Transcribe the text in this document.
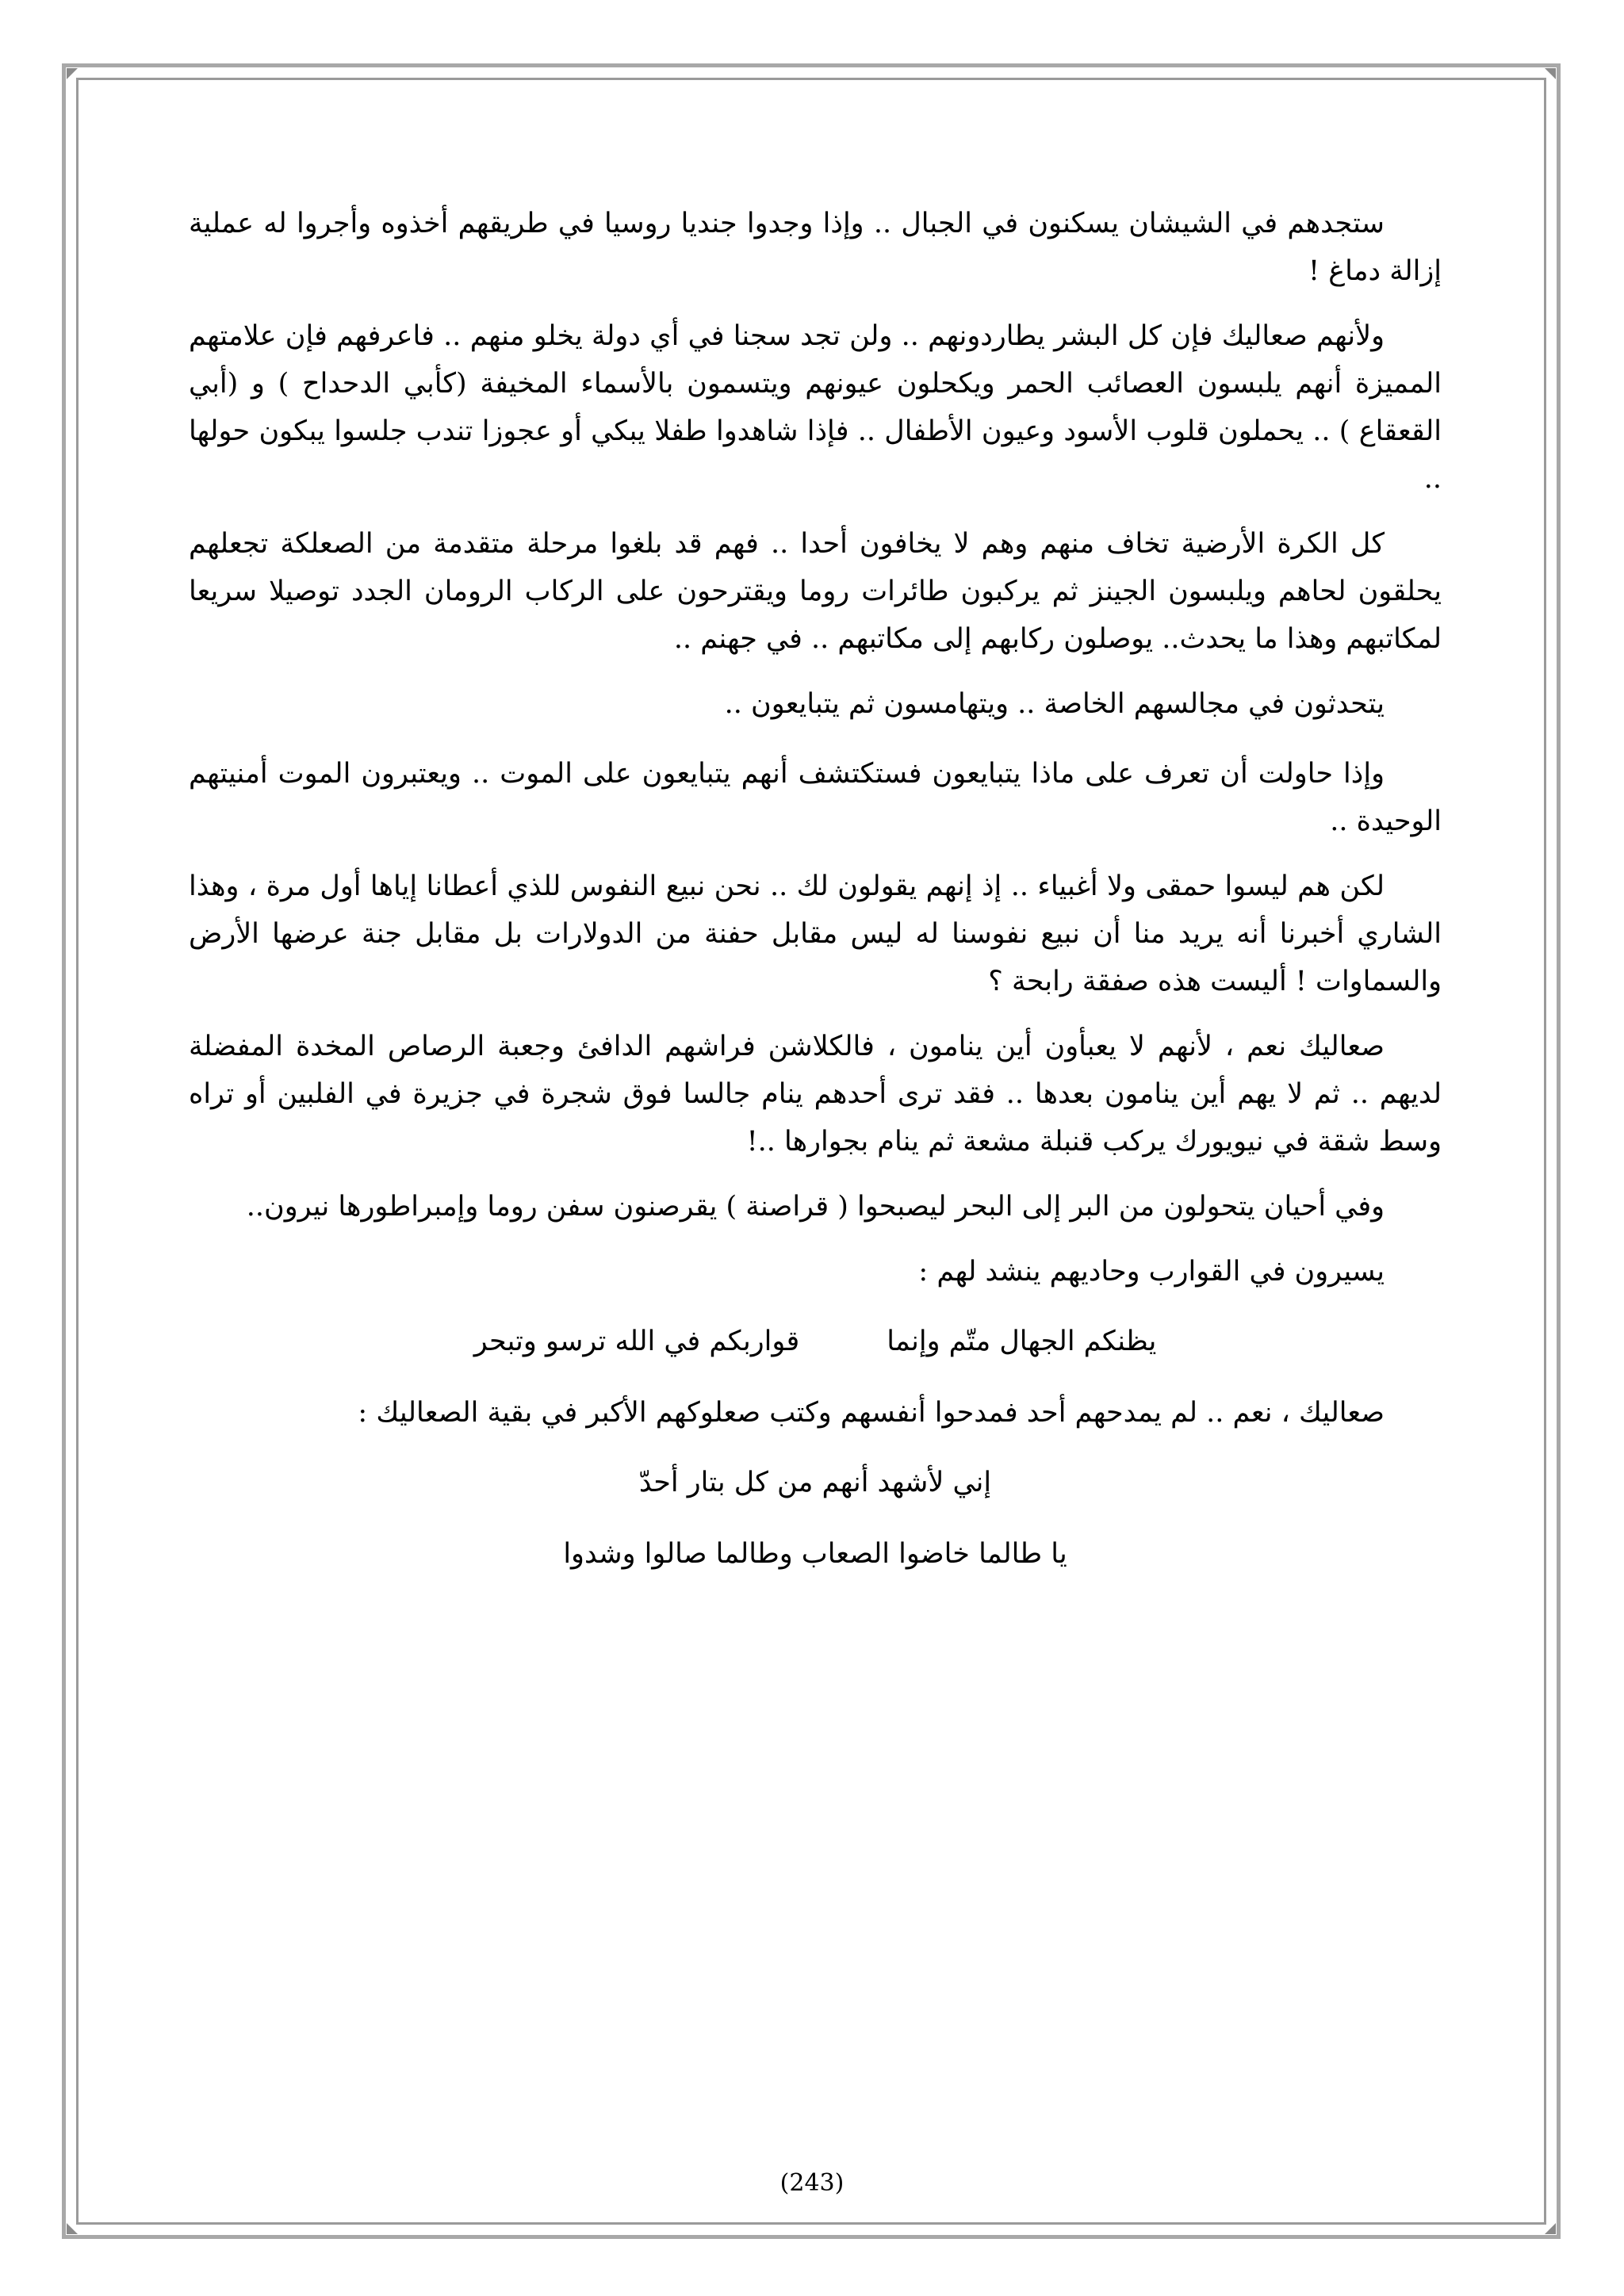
ستجدهم في الشيشان يسكنون في الجبال .. وإذا وجدوا جنديا روسيا في طريقهم أخذوه وأجروا له عملية إزالة دماغ !

ولأنهم صعاليك فإن كل البشر يطاردونهم .. ولن تجد سجنا في أي دولة يخلو منهم .. فاعرفهم فإن علامتهم المميزة أنهم يلبسون العصائب الحمر ويكحلون عيونهم ويتسمون بالأسماء المخيفة (كأبي الدحداح ) و (أبي القعقاع ) .. يحملون قلوب الأسود وعيون الأطفال .. فإذا شاهدوا طفلا يبكي أو عجوزا تندب جلسوا يبكون حولها ..

كل الكرة الأرضية تخاف منهم وهم لا يخافون أحدا .. فهم قد بلغوا مرحلة متقدمة من الصعلكة تجعلهم يحلقون لحاهم ويلبسون الجينز ثم يركبون طائرات روما ويقترحون على الركاب الرومان الجدد توصيلا سريعا لمكاتبهم وهذا ما يحدث.. يوصلون ركابهم إلى مكاتبهم .. في جهنم ..

يتحدثون في مجالسهم الخاصة .. ويتهامسون ثم يتبايعون ..

وإذا حاولت أن تعرف على ماذا يتبايعون فستكتشف أنهم يتبايعون على الموت .. ويعتبرون الموت أمنيتهم الوحيدة ..

لكن هم ليسوا حمقى ولا أغبياء .. إذ إنهم يقولون لك .. نحن نبيع النفوس للذي أعطانا إياها أول مرة ، وهذا الشاري أخبرنا أنه يريد منا أن نبيع نفوسنا له ليس مقابل حفنة من الدولارات بل مقابل جنة عرضها الأرض والسماوات ! أليست هذه صفقة رابحة ؟

صعاليك نعم ، لأنهم لا يعبأون أين ينامون ، فالكلاشن فراشهم الدافئ وجعبة الرصاص المخدة المفضلة لديهم .. ثم لا يهم أين ينامون بعدها .. فقد ترى أحدهم ينام جالسا فوق شجرة في جزيرة في الفلبين أو تراه وسط شقة في نيويورك يركب قنبلة مشعة ثم ينام بجوارها ..!

وفي أحيان يتحولون من البر إلى البحر ليصبحوا ( قراصنة ) يقرصنون سفن روما وإمبراطورها نيرون..

يسيرون في القوارب وحاديهم ينشد لهم :

يظنكم الجهال متّم وإنما
قواربكم في الله ترسو وتبحر

صعاليك ، نعم .. لم يمدحهم أحد فمدحوا أنفسهم وكتب صعلوكهم الأكبر في بقية الصعاليك :

إني لأشهد أنهم من كل بتار أحدّ

يا طالما خاضوا الصعاب وطالما صالوا وشدوا

(243)
